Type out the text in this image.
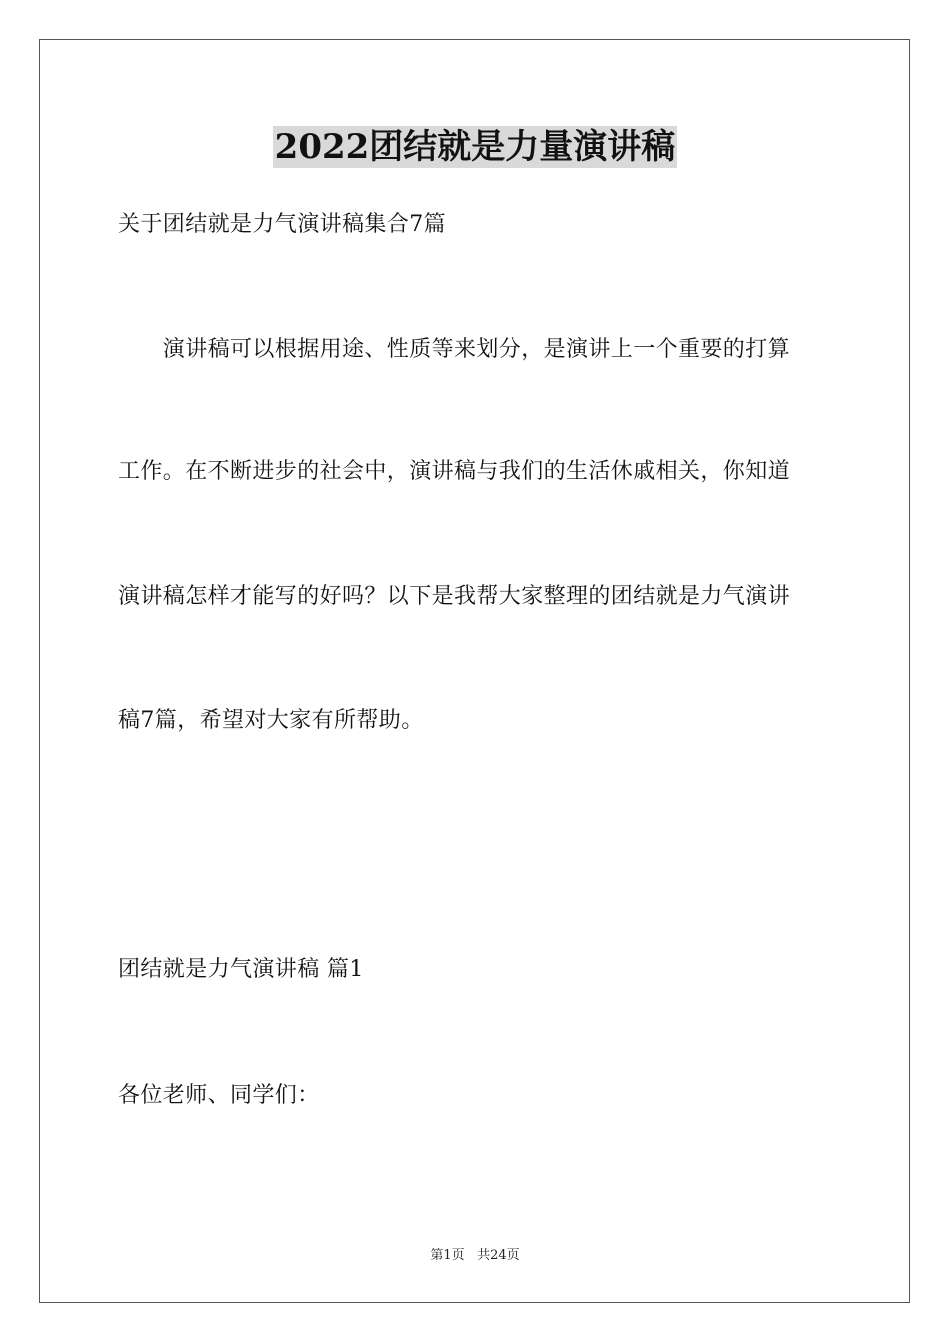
2022团结就是力量演讲稿
关于团结就是力气演讲稿集合7篇
　　演讲稿可以根据用途、性质等来划分，是演讲上一个重要的打算
工作。在不断进步的社会中，演讲稿与我们的生活休戚相关，你知道
演讲稿怎样才能写的好吗？以下是我帮大家整理的团结就是力气演讲
稿7篇，希望对大家有所帮助。
团结就是力气演讲稿 篇1
各位老师、同学们：
第1页 共24页
